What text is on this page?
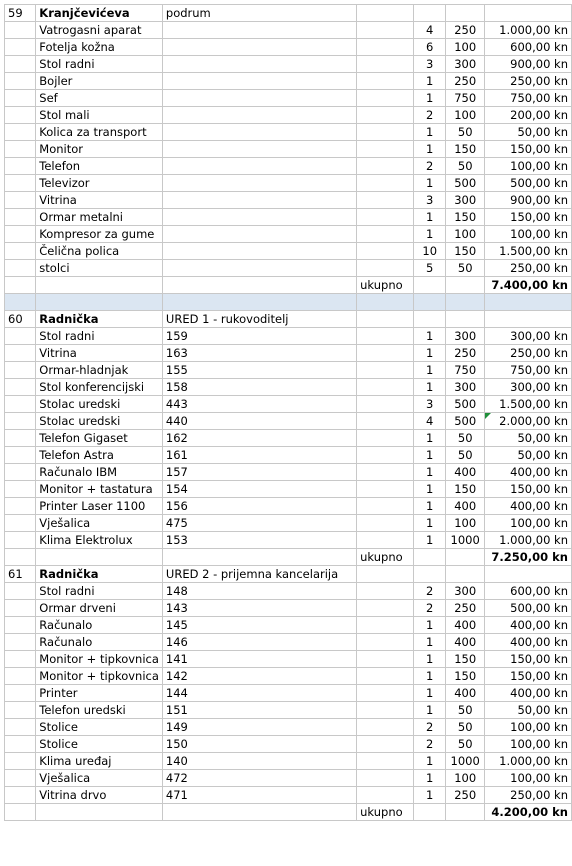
59	Kranjčevićeva	podrum				
	Vatrogasni aparat			4	250	1.000,00 kn
	Fotelja kožna			6	100	600,00 kn
	Stol radni			3	300	900,00 kn
	Bojler			1	250	250,00 kn
	Sef			1	750	750,00 kn
	Stol mali			2	100	200,00 kn
	Kolica za transport			1	50	50,00 kn
	Monitor			1	150	150,00 kn
	Telefon			2	50	100,00 kn
	Televizor			1	500	500,00 kn
	Vitrina			3	300	900,00 kn
	Ormar metalni			1	150	150,00 kn
	Kompresor za gume			1	100	100,00 kn
	Čelična polica			10	150	1.500,00 kn
	stolci			5	50	250,00 kn
			ukupno			7.400,00 kn

60	Radnička	URED 1 - rukovoditelj				
	Stol radni	159		1	300	300,00 kn
	Vitrina	163		1	250	250,00 kn
	Ormar-hladnjak	155		1	750	750,00 kn
	Stol konferencijski	158		1	300	300,00 kn
	Stolac uredski	443		3	500	1.500,00 kn
	Stolac uredski	440		4	500	2.000,00 kn

	Telefon Gigaset	162		1	50	50,00 kn
	Telefon Astra	161		1	50	50,00 kn
	Računalo IBM	157		1	400	400,00 kn
	Monitor + tastatura	154		1	150	150,00 kn
	Printer Laser 1100	156		1	400	400,00 kn
	Vješalica	475		1	100	100,00 kn
	Klima Elektrolux	153		1	1000	1.000,00 kn
			ukupno			7.250,00 kn
61	Radnička	URED 2 - prijemna kancelarija				
	Stol radni	148		2	300	600,00 kn
	Ormar drveni	143		2	250	500,00 kn
	Računalo	145		1	400	400,00 kn
	Računalo	146		1	400	400,00 kn
	Monitor + tipkovnica	141		1	150	150,00 kn
	Monitor + tipkovnica	142		1	150	150,00 kn
	Printer	144		1	400	400,00 kn
	Telefon uredski	151		1	50	50,00 kn
	Stolice	149		2	50	100,00 kn
	Stolice	150		2	50	100,00 kn
	Klima uređaj	140		1	1000	1.000,00 kn
	Vješalica	472		1	100	100,00 kn
	Vitrina drvo	471		1	250	250,00 kn
			ukupno			4.200,00 kn
